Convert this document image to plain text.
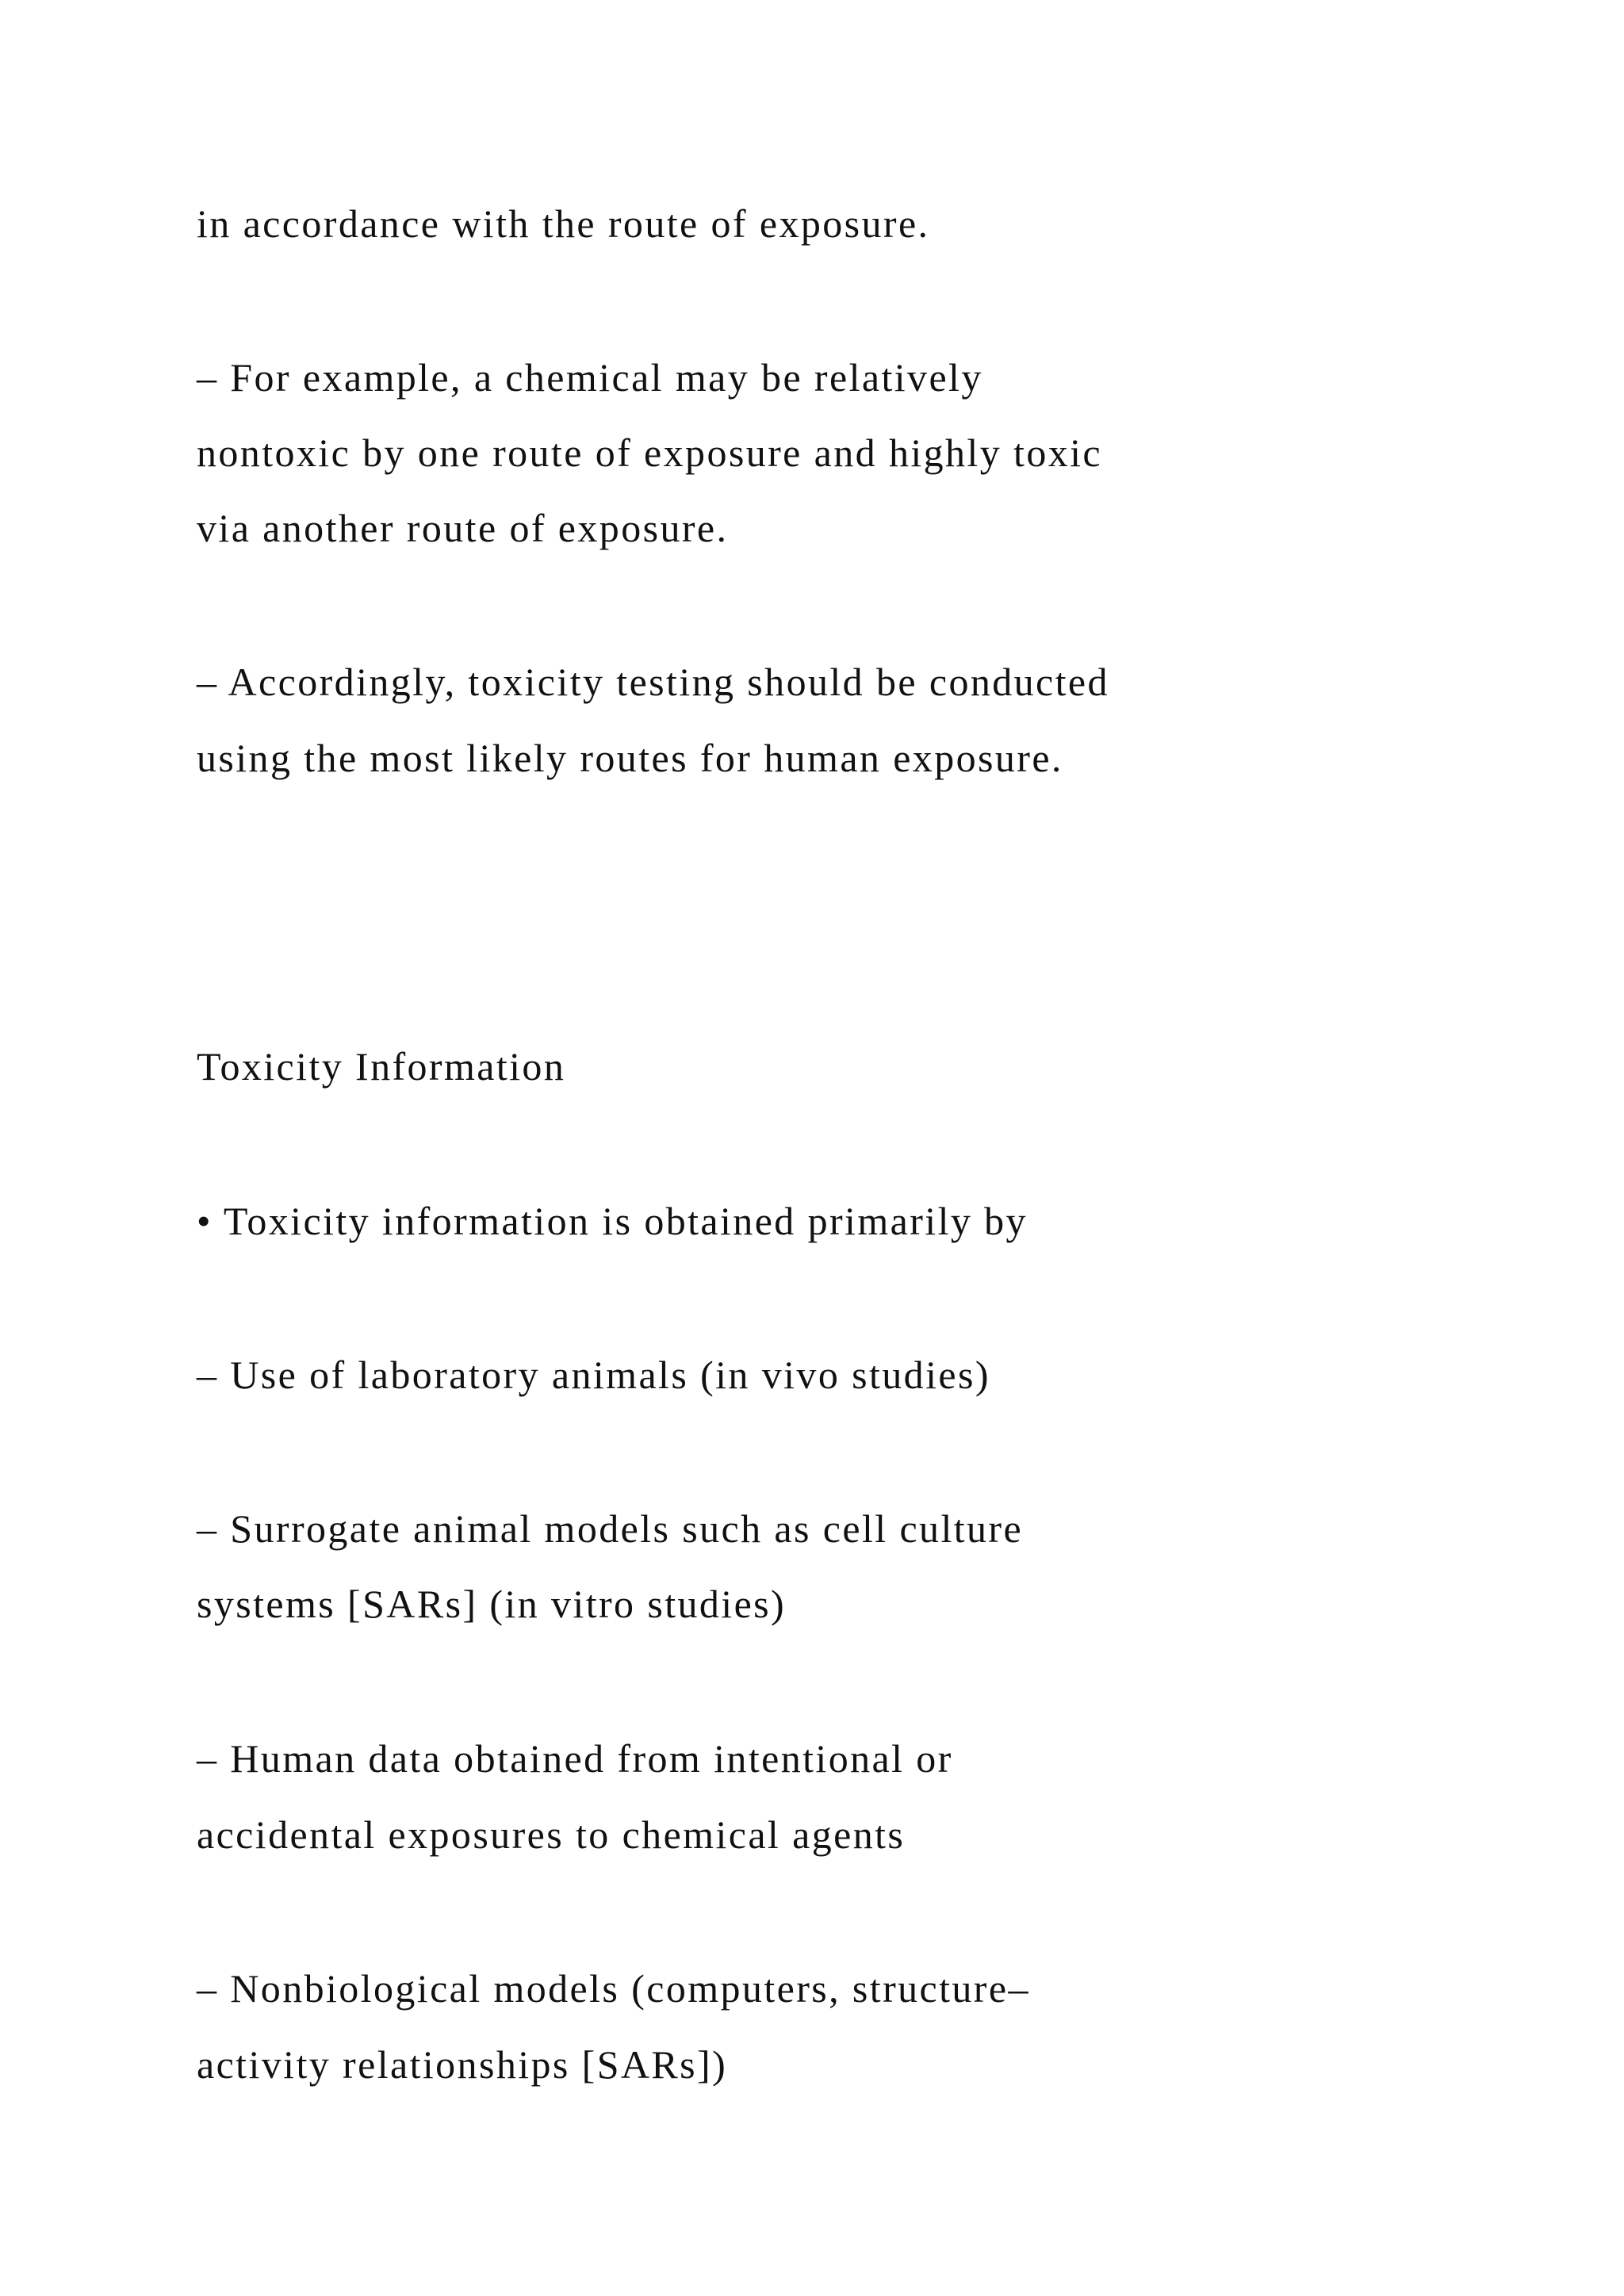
in accordance with the route of exposure.
– For example, a chemical may be relatively
nontoxic by one route of exposure and highly toxic
via another route of exposure.
– Accordingly, toxicity testing should be conducted
using the most likely routes for human exposure.
Toxicity Information
• Toxicity information is obtained primarily by
– Use of laboratory animals (in vivo studies)
– Surrogate animal models such as cell culture
systems [SARs] (in vitro studies)
– Human data obtained from intentional or
accidental exposures to chemical agents
– Nonbiological models (computers, structure–
activity relationships [SARs])
